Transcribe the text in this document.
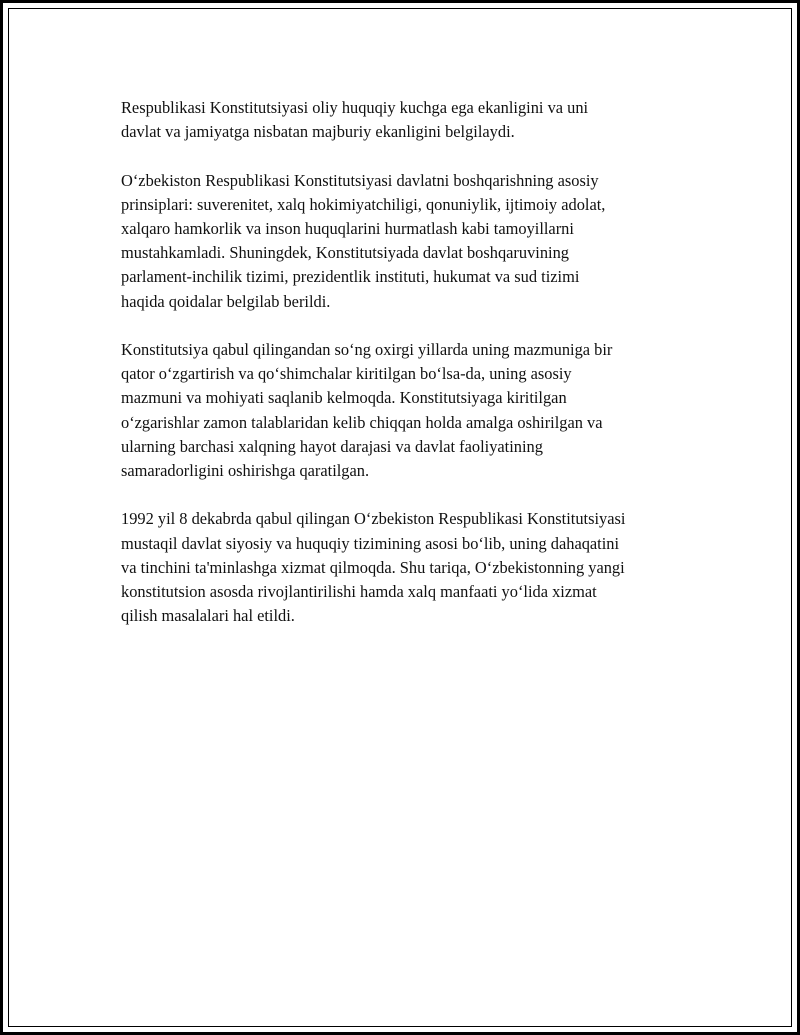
Respublikasi Konstitutsiyasi oliy huquqiy kuchga ega ekanligini va uni
davlat va jamiyatga nisbatan majburiy ekanligini belgilaydi.

O‘zbekiston Respublikasi Konstitutsiyasi davlatni boshqarishning asosiy
prinsiplari: suverenitet, xalq hokimiyatchiligi, qonuniylik, ijtimoiy adolat,
xalqaro hamkorlik va inson huquqlarini hurmatlash kabi tamoyillarni
mustahkamladi. Shuningdek, Konstitutsiyada davlat boshqaruvining
parlament-inchilik tizimi, prezidentlik instituti, hukumat va sud tizimi
haqida qoidalar belgilab berildi.

Konstitutsiya qabul qilingandan so‘ng oxirgi yillarda uning mazmuniga bir
qator o‘zgartirish va qo‘shimchalar kiritilgan bo‘lsa-da, uning asosiy
mazmuni va mohiyati saqlanib kelmoqda. Konstitutsiyaga kiritilgan
o‘zgarishlar zamon talablaridan kelib chiqqan holda amalga oshirilgan va
ularning barchasi xalqning hayot darajasi va davlat faoliyatining
samaradorligini oshirishga qaratilgan.

1992 yil 8 dekabrda qabul qilingan O‘zbekiston Respublikasi Konstitutsiyasi
mustaqil davlat siyosiy va huquqiy tizimining asosi bo‘lib, uning dahaqatini
va tinchini ta'minlashga xizmat qilmoqda. Shu tariqa, O‘zbekistonning yangi
konstitutsion asosda rivojlantirilishi hamda xalq manfaati yo‘lida xizmat
qilish masalalari hal etildi.
